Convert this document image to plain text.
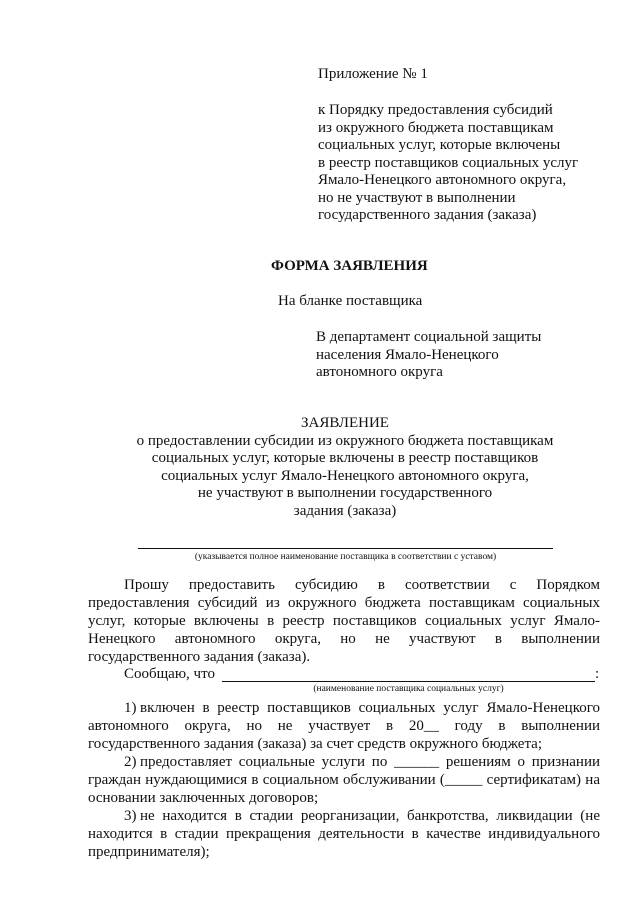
Приложение № 1
к Порядку предоставления субсидий
из окружного бюджета поставщикам
социальных услуг, которые включены
в реестр поставщиков социальных услуг
Ямало-Ненецкого автономного округа,
но не участвуют в выполнении
государственного задания (заказа)
ФОРМА ЗАЯВЛЕНИЯ
На бланке поставщика
В департамент социальной защиты
населения Ямало-Ненецкого
автономного округа
ЗАЯВЛЕНИЕ
о предоставлении субсидии из окружного бюджета поставщикам
социальных услуг, которые включены в реестр поставщиков
социальных услуг Ямало-Ненецкого автономного округа,
не участвуют в выполнении государственного
задания (заказа)
(указывается полное наименование поставщика в соответствии с уставом)
Прошу предоставить субсидию в соответствии с Порядком
предоставления субсидий из окружного бюджета поставщикам социальных
услуг, которые включены в реестр поставщиков социальных услуг Ямало-
Ненецкого автономного округа, но не участвуют в выполнении
государственного задания (заказа).
Сообщаю, что	:
(наименование поставщика социальных услуг)
1) включен в реестр поставщиков социальных услуг Ямало-Ненецкого
автономного округа, но не участвует в 20__ году в выполнении
государственного задания (заказа) за счет средств окружного бюджета;
2) предоставляет социальные услуги по ______ решениям о признании
граждан нуждающимися в социальном обслуживании (_____ сертификатам) на
основании заключенных договоров;
3) не находится в стадии реорганизации, банкротства, ликвидации (не
находится в стадии прекращения деятельности в качестве индивидуального
предпринимателя);
